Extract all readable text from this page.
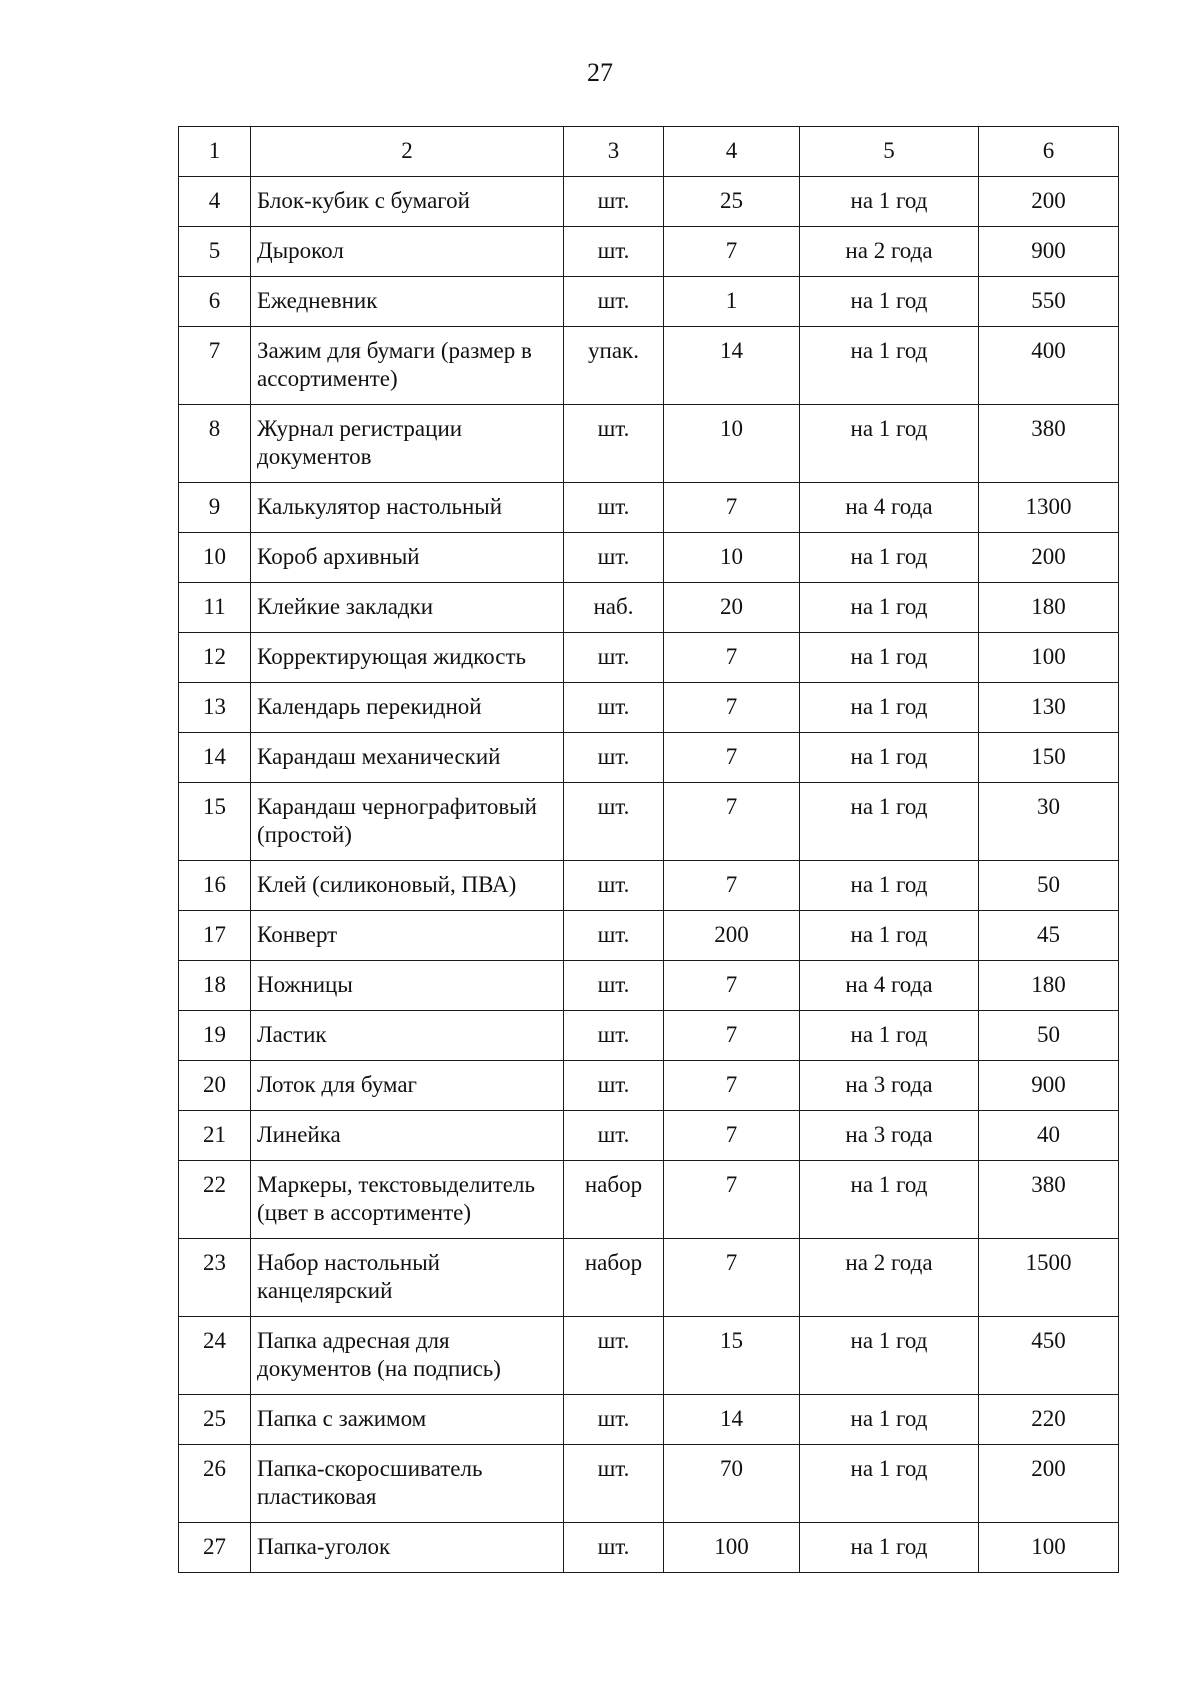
27
1	2	3	4	5	6
4	Блок-кубик с бумагой	шт.	25	на 1 год	200
5	Дырокол	шт.	7	на 2 года	900
6	Ежедневник	шт.	1	на 1 год	550
7	Зажим для бумаги (размер в ассортименте)	упак.	14	на 1 год	400
8	Журнал регистрации документов	шт.	10	на 1 год	380
9	Калькулятор настольный	шт.	7	на 4 года	1300
10	Короб архивный	шт.	10	на 1 год	200
11	Клейкие закладки	наб.	20	на 1 год	180
12	Корректирующая жидкость	шт.	7	на 1 год	100
13	Календарь перекидной	шт.	7	на 1 год	130
14	Карандаш механический	шт.	7	на 1 год	150
15	Карандаш чернографитовый (простой)	шт.	7	на 1 год	30
16	Клей (силиконовый, ПВА)	шт.	7	на 1 год	50
17	Конверт	шт.	200	на 1 год	45
18	Ножницы	шт.	7	на 4 года	180
19	Ластик	шт.	7	на 1 год	50
20	Лоток для бумаг	шт.	7	на 3 года	900
21	Линейка	шт.	7	на 3 года	40
22	Маркеры, текстовыделитель (цвет в ассортименте)	набор	7	на 1 год	380
23	Набор настольный канцелярский	набор	7	на 2 года	1500
24	Папка адресная для документов (на подпись)	шт.	15	на 1 год	450
25	Папка с зажимом	шт.	14	на 1 год	220
26	Папка-скоросшиватель пластиковая	шт.	70	на 1 год	200
27	Папка-уголок	шт.	100	на 1 год	100
